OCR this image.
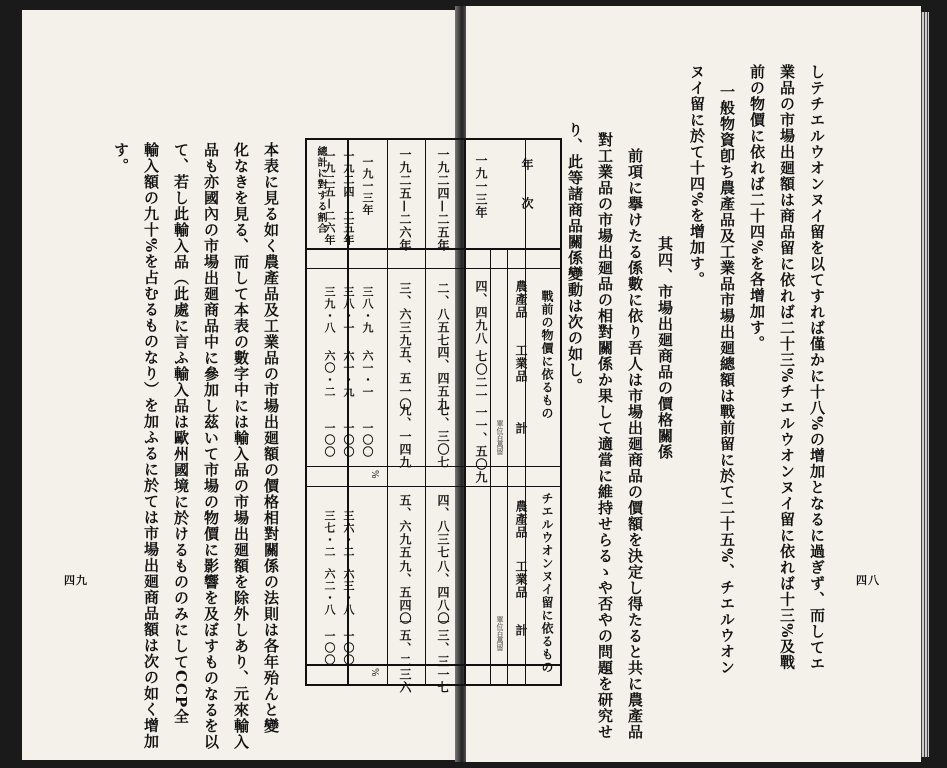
四八
しテチエルウオンヌイ留を以てすれば僅かに十八%の增加となるに過ぎず、而してエ
業品の市場出廻額は商品留に依れば二十三%チエルウオンヌイ留に依れば十三%及戰
前の物價に依れば二十四%を各增加す。
一般物資卽ち農產品及工業品市場出廻總額は戰前留に於て二十五%、チエルウオン
ヌイ留に於て十四%を增加す。
其四、市場出廻商品の價格關係
前項に擧けたる係數に依り吾人は市場出廻商品の價額を決定し得たると共に農產品
對工業品の市場出廻品の相對關係か果して適當に維持せらるゝや否やの問題を研究せ
り、此等諸商品關係變動は次の如し。
年　　次
戰前の物價に依るもの
チエルウオンヌイ留に依るもの
農產品
工業品
計
農產品
工業品
計
單位百萬留
單位百萬留
一九一三年
四、四九八
七〇二一
一一、五〇九
一九二四—二五年
二、八五七
四、四五九
七、三〇七
四、八三七
八、四八〇
一三、三一七
一九二五—二六年
三、六三九
五、五一〇
九、一四九
五、六九五
九、五四〇
一五、二三六
總計に對する割合	一九一三年
一九二四—二五年
一九二五—二六年
三八・九
六一・一
一〇〇
三八・一
六一・九
一〇〇
三六・二
六三・八
一〇〇
三九・八
六〇・二
一〇〇
三七・二
六二・八
一〇〇
%
%
四九	本表に見る如く農產品及工業品の市場出廻額の價格相對關係の法則は各年殆んと變
化なきを見る、而して本表の數字中には輸入品の市場出廻額を除外しあり、元來輸入
品も亦國內の市場出廻商品中に參加し茲いて市場の物價に影響を及ぼすものなるを以
て、若し此輸入品（此處に言ふ輸入品は歐州國境に於けるもののみにしてCCP全
輸入額の九十%を占むるものなり）を加ふるに於ては市場出廻商品額は次の如く增加
す。
